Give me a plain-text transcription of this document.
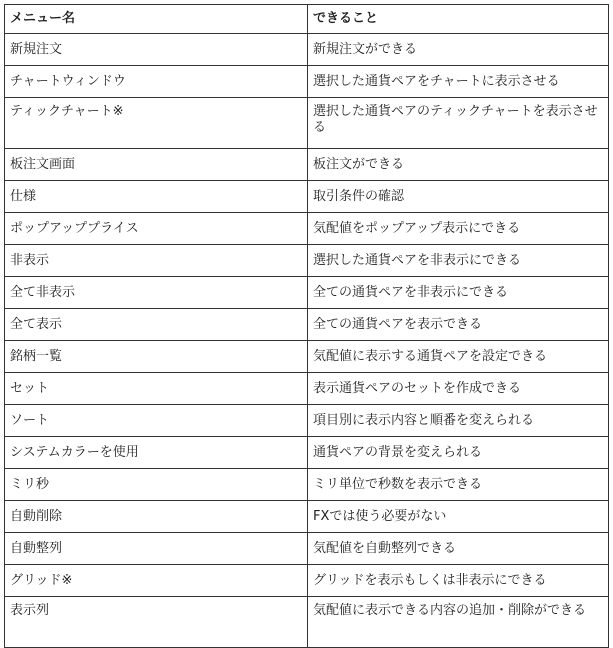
メニュー名	できること
新規注文	新規注文ができる
チャートウィンドウ	選択した通貨ペアをチャートに表示させる
ティックチャート※	選択した通貨ペアのティックチャートを表示させる
板注文画面	板注文ができる
仕様	取引条件の確認
ポップアッププライス	気配値をポップアップ表示にできる
非表示	選択した通貨ペアを非表示にできる
全て非表示	全ての通貨ペアを非表示にできる
全て表示	全ての通貨ペアを表示できる
銘柄一覧	気配値に表示する通貨ペアを設定できる
セット	表示通貨ペアのセットを作成できる
ソート	項目別に表示内容と順番を変えられる
システムカラーを使用	通貨ペアの背景を変えられる
ミリ秒	ミリ単位で秒数を表示できる
自動削除	FXでは使う必要がない
自動整列	気配値を自動整列できる
グリッド※	グリッドを表示もしくは非表示にできる
表示列	気配値に表示できる内容の追加・削除ができる
